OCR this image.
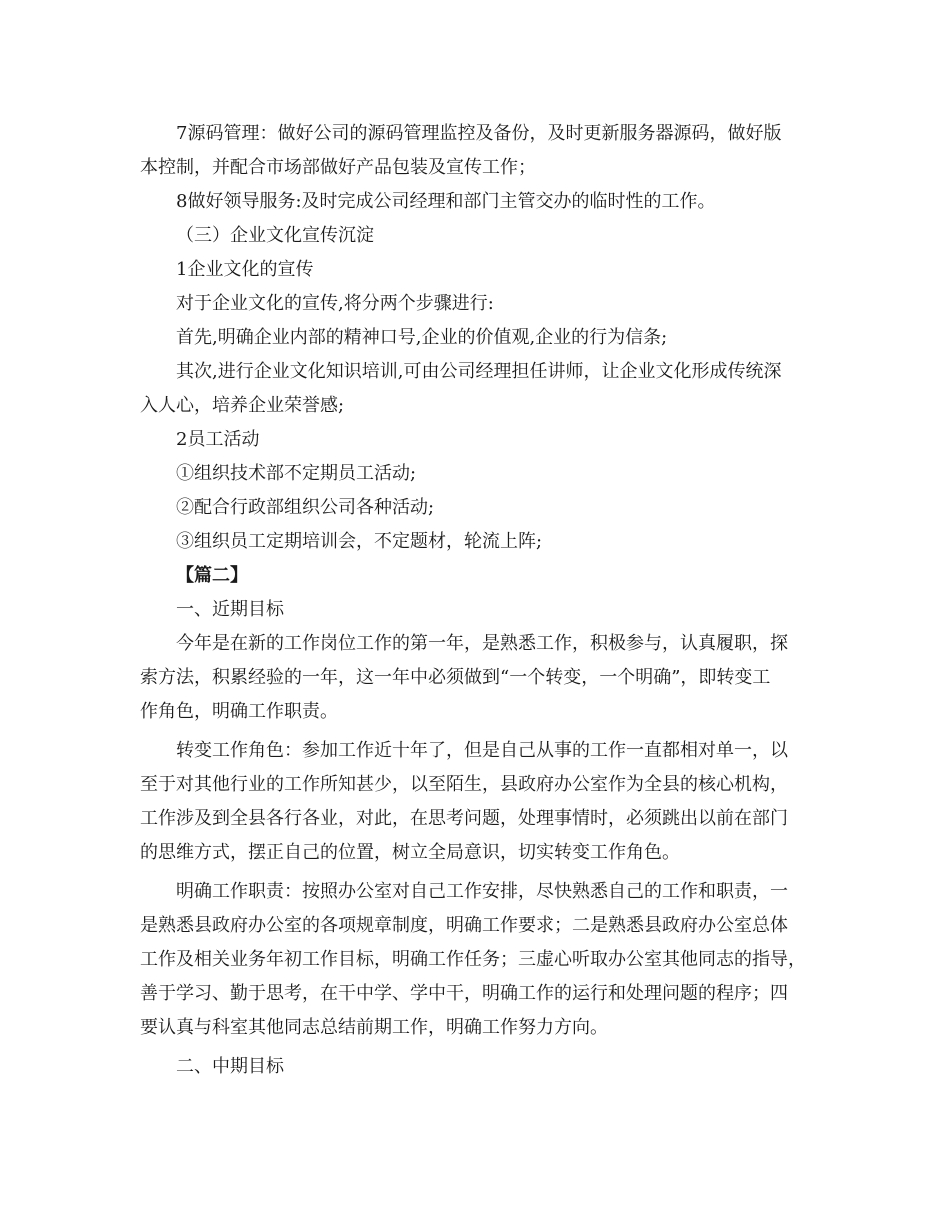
7源码管理：做好公司的源码管理监控及备份，及时更新服务器源码，做好版
本控制，并配合市场部做好产品包装及宣传工作；
8做好领导服务:及时完成公司经理和部门主管交办的临时性的工作。
（三）企业文化宣传沉淀
1企业文化的宣传
对于企业文化的宣传,将分两个步骤进行:
首先,明确企业内部的精神口号,企业的价值观,企业的行为信条;
其次,进行企业文化知识培训,可由公司经理担任讲师，让企业文化形成传统深
入人心，培养企业荣誉感;
2员工活动
①组织技术部不定期员工活动;
②配合行政部组织公司各种活动;
③组织员工定期培训会，不定题材，轮流上阵;
【篇二】
一、近期目标
今年是在新的工作岗位工作的第一年，是熟悉工作，积极参与，认真履职，探
索方法，积累经验的一年，这一年中必须做到“一个转变，一个明确”，即转变工
作角色，明确工作职责。
转变工作角色：参加工作近十年了，但是自己从事的工作一直都相对单一，以
至于对其他行业的工作所知甚少，以至陌生，县政府办公室作为全县的核心机构，
工作涉及到全县各行各业，对此，在思考问题，处理事情时，必须跳出以前在部门
的思维方式，摆正自己的位置，树立全局意识，切实转变工作角色。
明确工作职责：按照办公室对自己工作安排，尽快熟悉自己的工作和职责，一
是熟悉县政府办公室的各项规章制度，明确工作要求；二是熟悉县政府办公室总体
工作及相关业务年初工作目标，明确工作任务；三虚心听取办公室其他同志的指导，
善于学习、勤于思考，在干中学、学中干，明确工作的运行和处理问题的程序；四
要认真与科室其他同志总结前期工作，明确工作努力方向。
二、中期目标
